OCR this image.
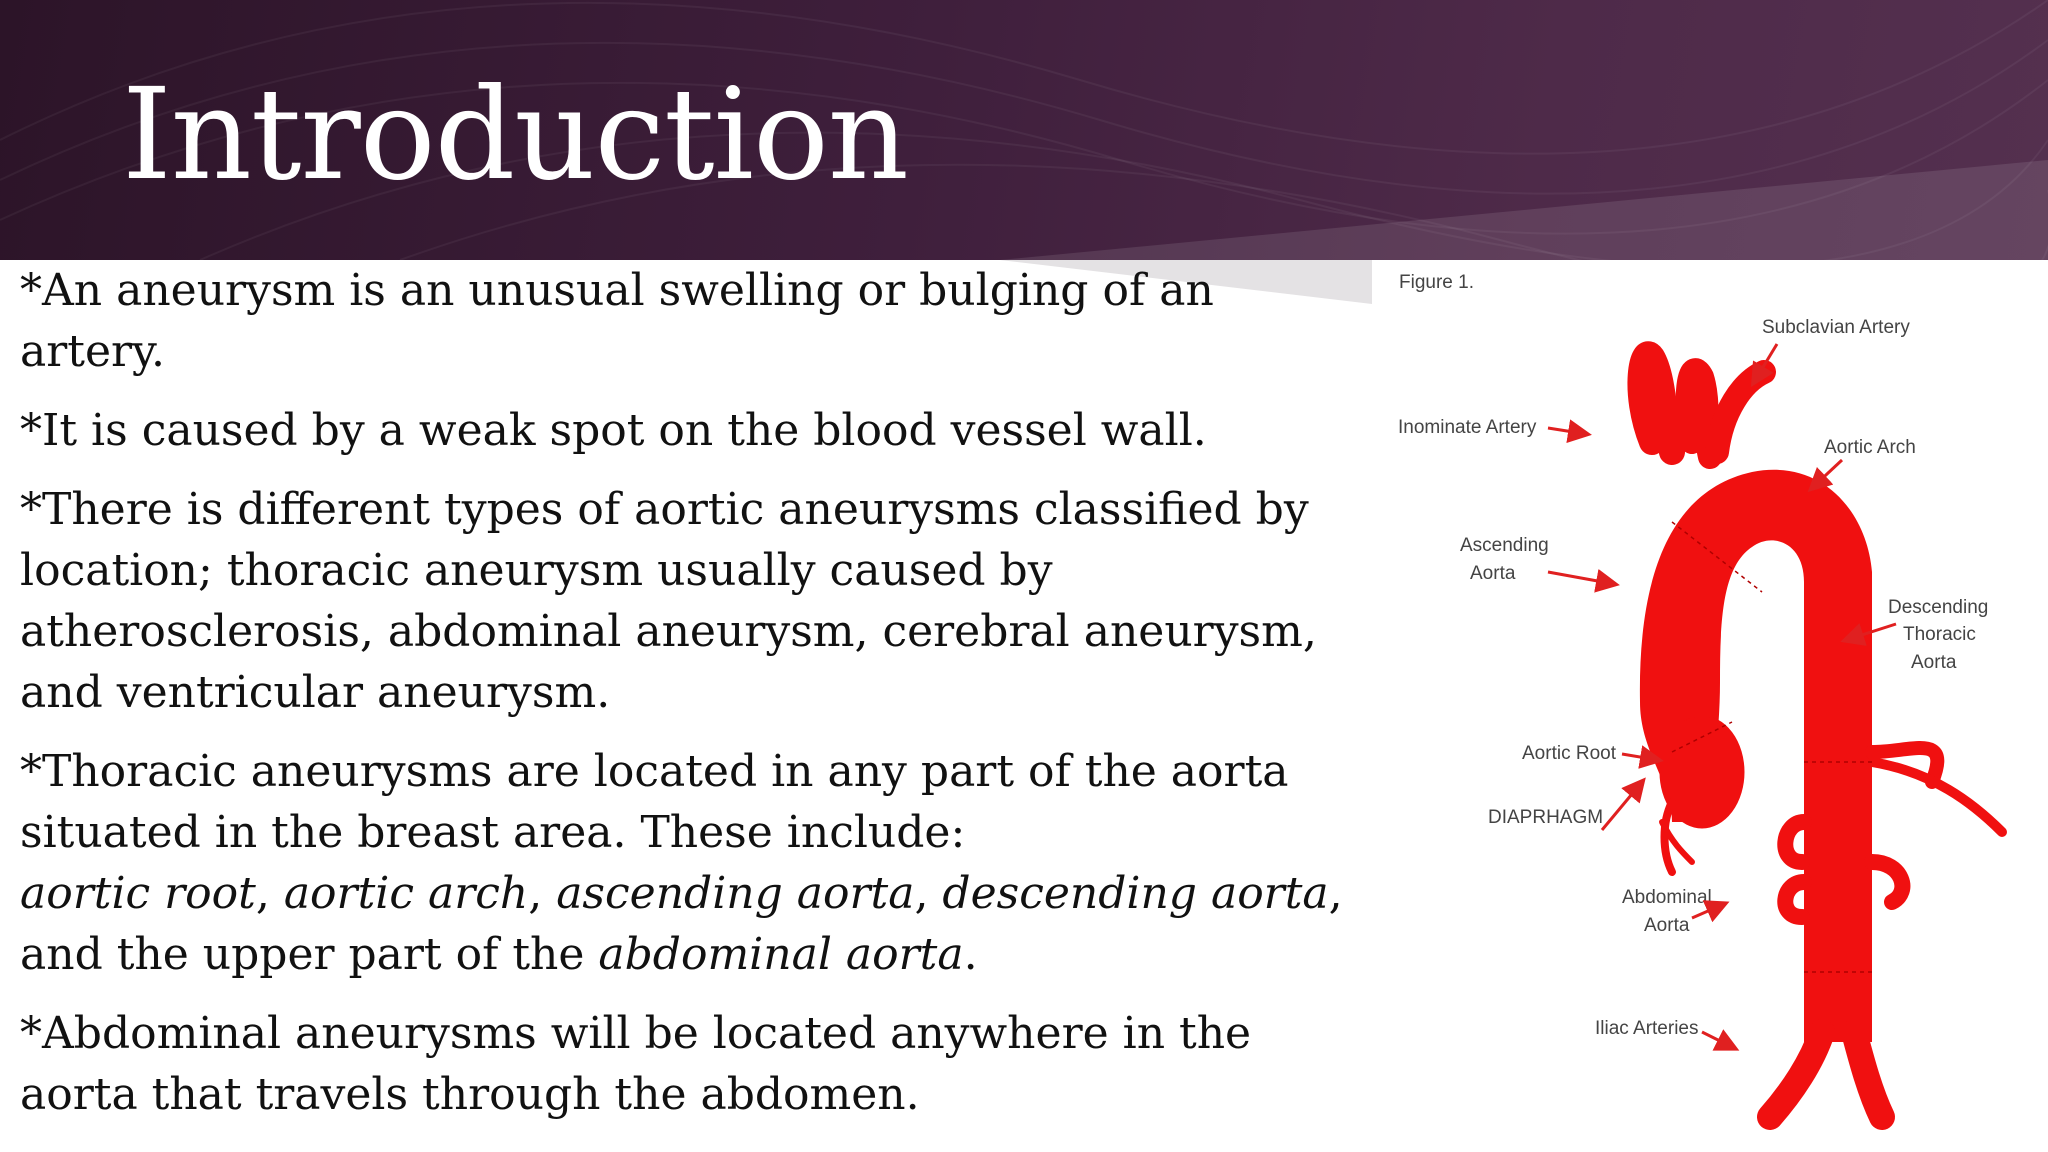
Introduction

*An aneurysm is an unusual swelling or bulging of an artery.

*It is caused by a weak spot on the blood vessel wall.

*There is different types of aortic aneurysms classified by location; thoracic aneurysm usually caused by atherosclerosis, abdominal aneurysm, cerebral aneurysm, and ventricular aneurysm.

*Thoracic aneurysms are located in any part of the aorta situated in the breast area. These include:
aortic root, aortic arch, ascending aorta, descending aorta, and the upper part of the abdominal aorta.

*Abdominal aneurysms will be located anywhere in the aorta that travels through the abdomen.

Figure 1.
Subclavian Artery
Inominate Artery
Aortic Arch
Ascending
Aorta
Descending
Thoracic
Aorta
Aortic Root
DIAPRHAGM
Abdominal
Aorta
Iliac Arteries
